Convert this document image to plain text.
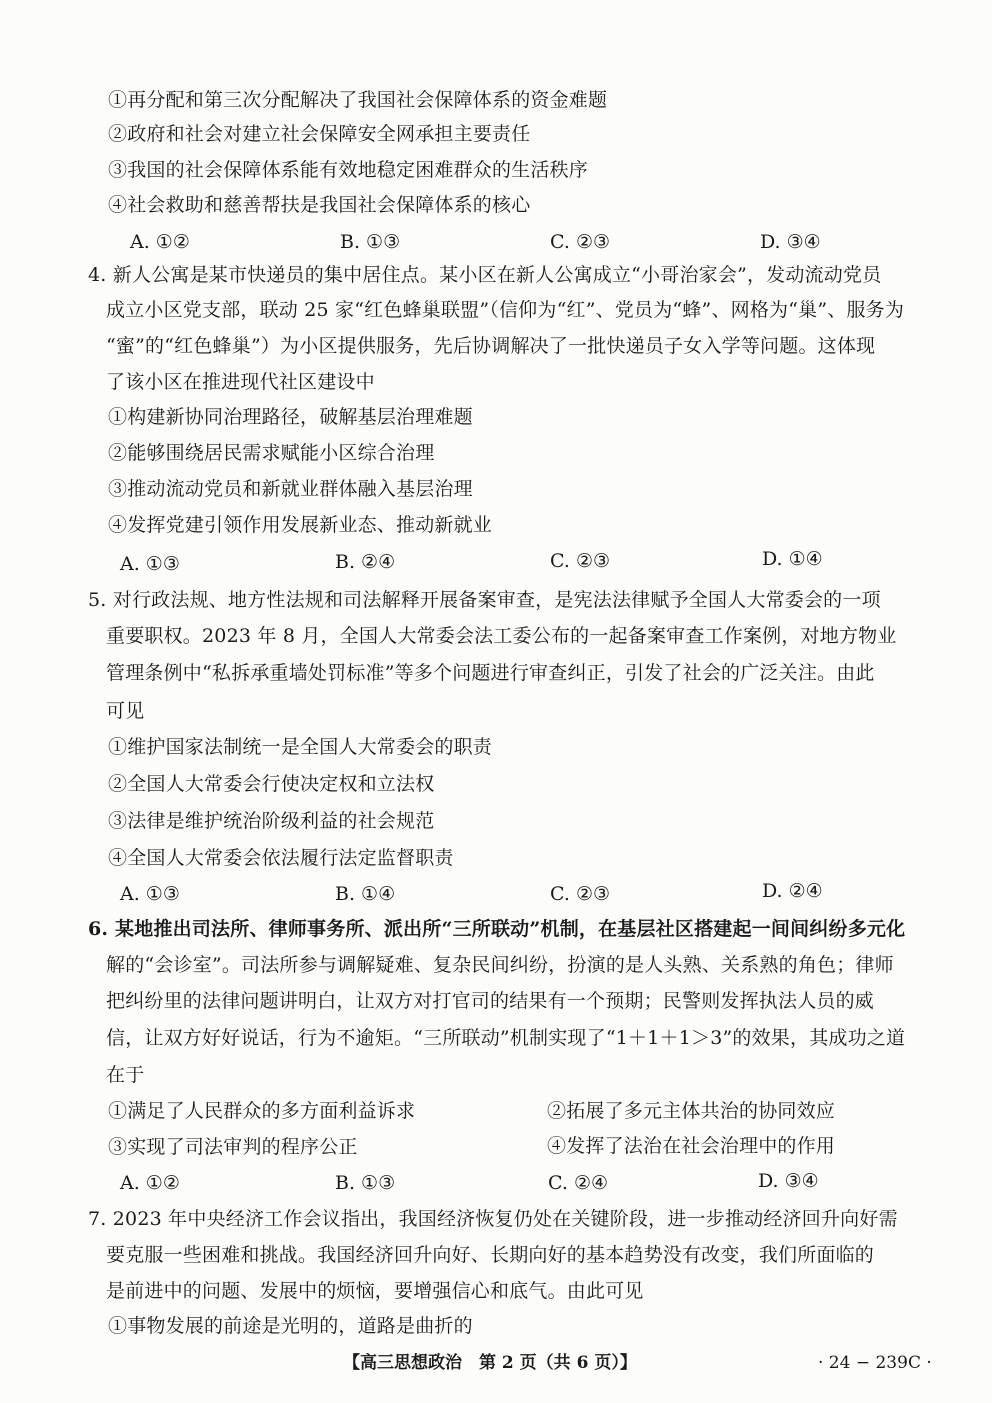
①再分配和第三次分配解决了我国社会保障体系的资金难题
②政府和社会对建立社会保障安全网承担主要责任
③我国的社会保障体系能有效地稳定困难群众的生活秩序
④社会救助和慈善帮扶是我国社会保障体系的核心
A. ①②	B. ①③	C. ②③	D. ③④
4. 新人公寓是某市快递员的集中居住点。某小区在新人公寓成立“小哥治家会”，发动流动党员
成立小区党支部，联动 25 家“红色蜂巢联盟”（信仰为“红”、党员为“蜂”、网格为“巢”、服务为
“蜜”的“红色蜂巢”）为小区提供服务，先后协调解决了一批快递员子女入学等问题。这体现
了该小区在推进现代社区建设中
①构建新协同治理路径，破解基层治理难题
②能够围绕居民需求赋能小区综合治理
③推动流动党员和新就业群体融入基层治理
④发挥党建引领作用发展新业态、推动新就业
A. ①③	B. ②④	C. ②③	D. ①④
5. 对行政法规、地方性法规和司法解释开展备案审查，是宪法法律赋予全国人大常委会的一项
重要职权。2023 年 8 月，全国人大常委会法工委公布的一起备案审查工作案例，对地方物业
管理条例中“私拆承重墙处罚标准”等多个问题进行审查纠正，引发了社会的广泛关注。由此
可见
①维护国家法制统一是全国人大常委会的职责
②全国人大常委会行使决定权和立法权
③法律是维护统治阶级利益的社会规范
④全国人大常委会依法履行法定监督职责
A. ①③	B. ①④	C. ②③	D. ②④
6. 某地推出司法所、律师事务所、派出所“三所联动”机制，在基层社区搭建起一间间纠纷多元化
解的“会诊室”。司法所参与调解疑难、复杂民间纠纷，扮演的是人头熟、关系熟的角色；律师
把纠纷里的法律问题讲明白，让双方对打官司的结果有一个预期；民警则发挥执法人员的威
信，让双方好好说话，行为不逾矩。“三所联动”机制实现了“1＋1＋1＞3”的效果，其成功之道
在于
①满足了人民群众的多方面利益诉求	②拓展了多元主体共治的协同效应
③实现了司法审判的程序公正	④发挥了法治在社会治理中的作用
A. ①②	B. ①③	C. ②④	D. ③④
7. 2023 年中央经济工作会议指出，我国经济恢复仍处在关键阶段，进一步推动经济回升向好需
要克服一些困难和挑战。我国经济回升向好、长期向好的基本趋势没有改变，我们所面临的
是前进中的问题、发展中的烦恼，要增强信心和底气。由此可见
①事物发展的前途是光明的，道路是曲折的
【高三思想政治　第 2 页（共 6 页）】	· 24 − 239C ·
